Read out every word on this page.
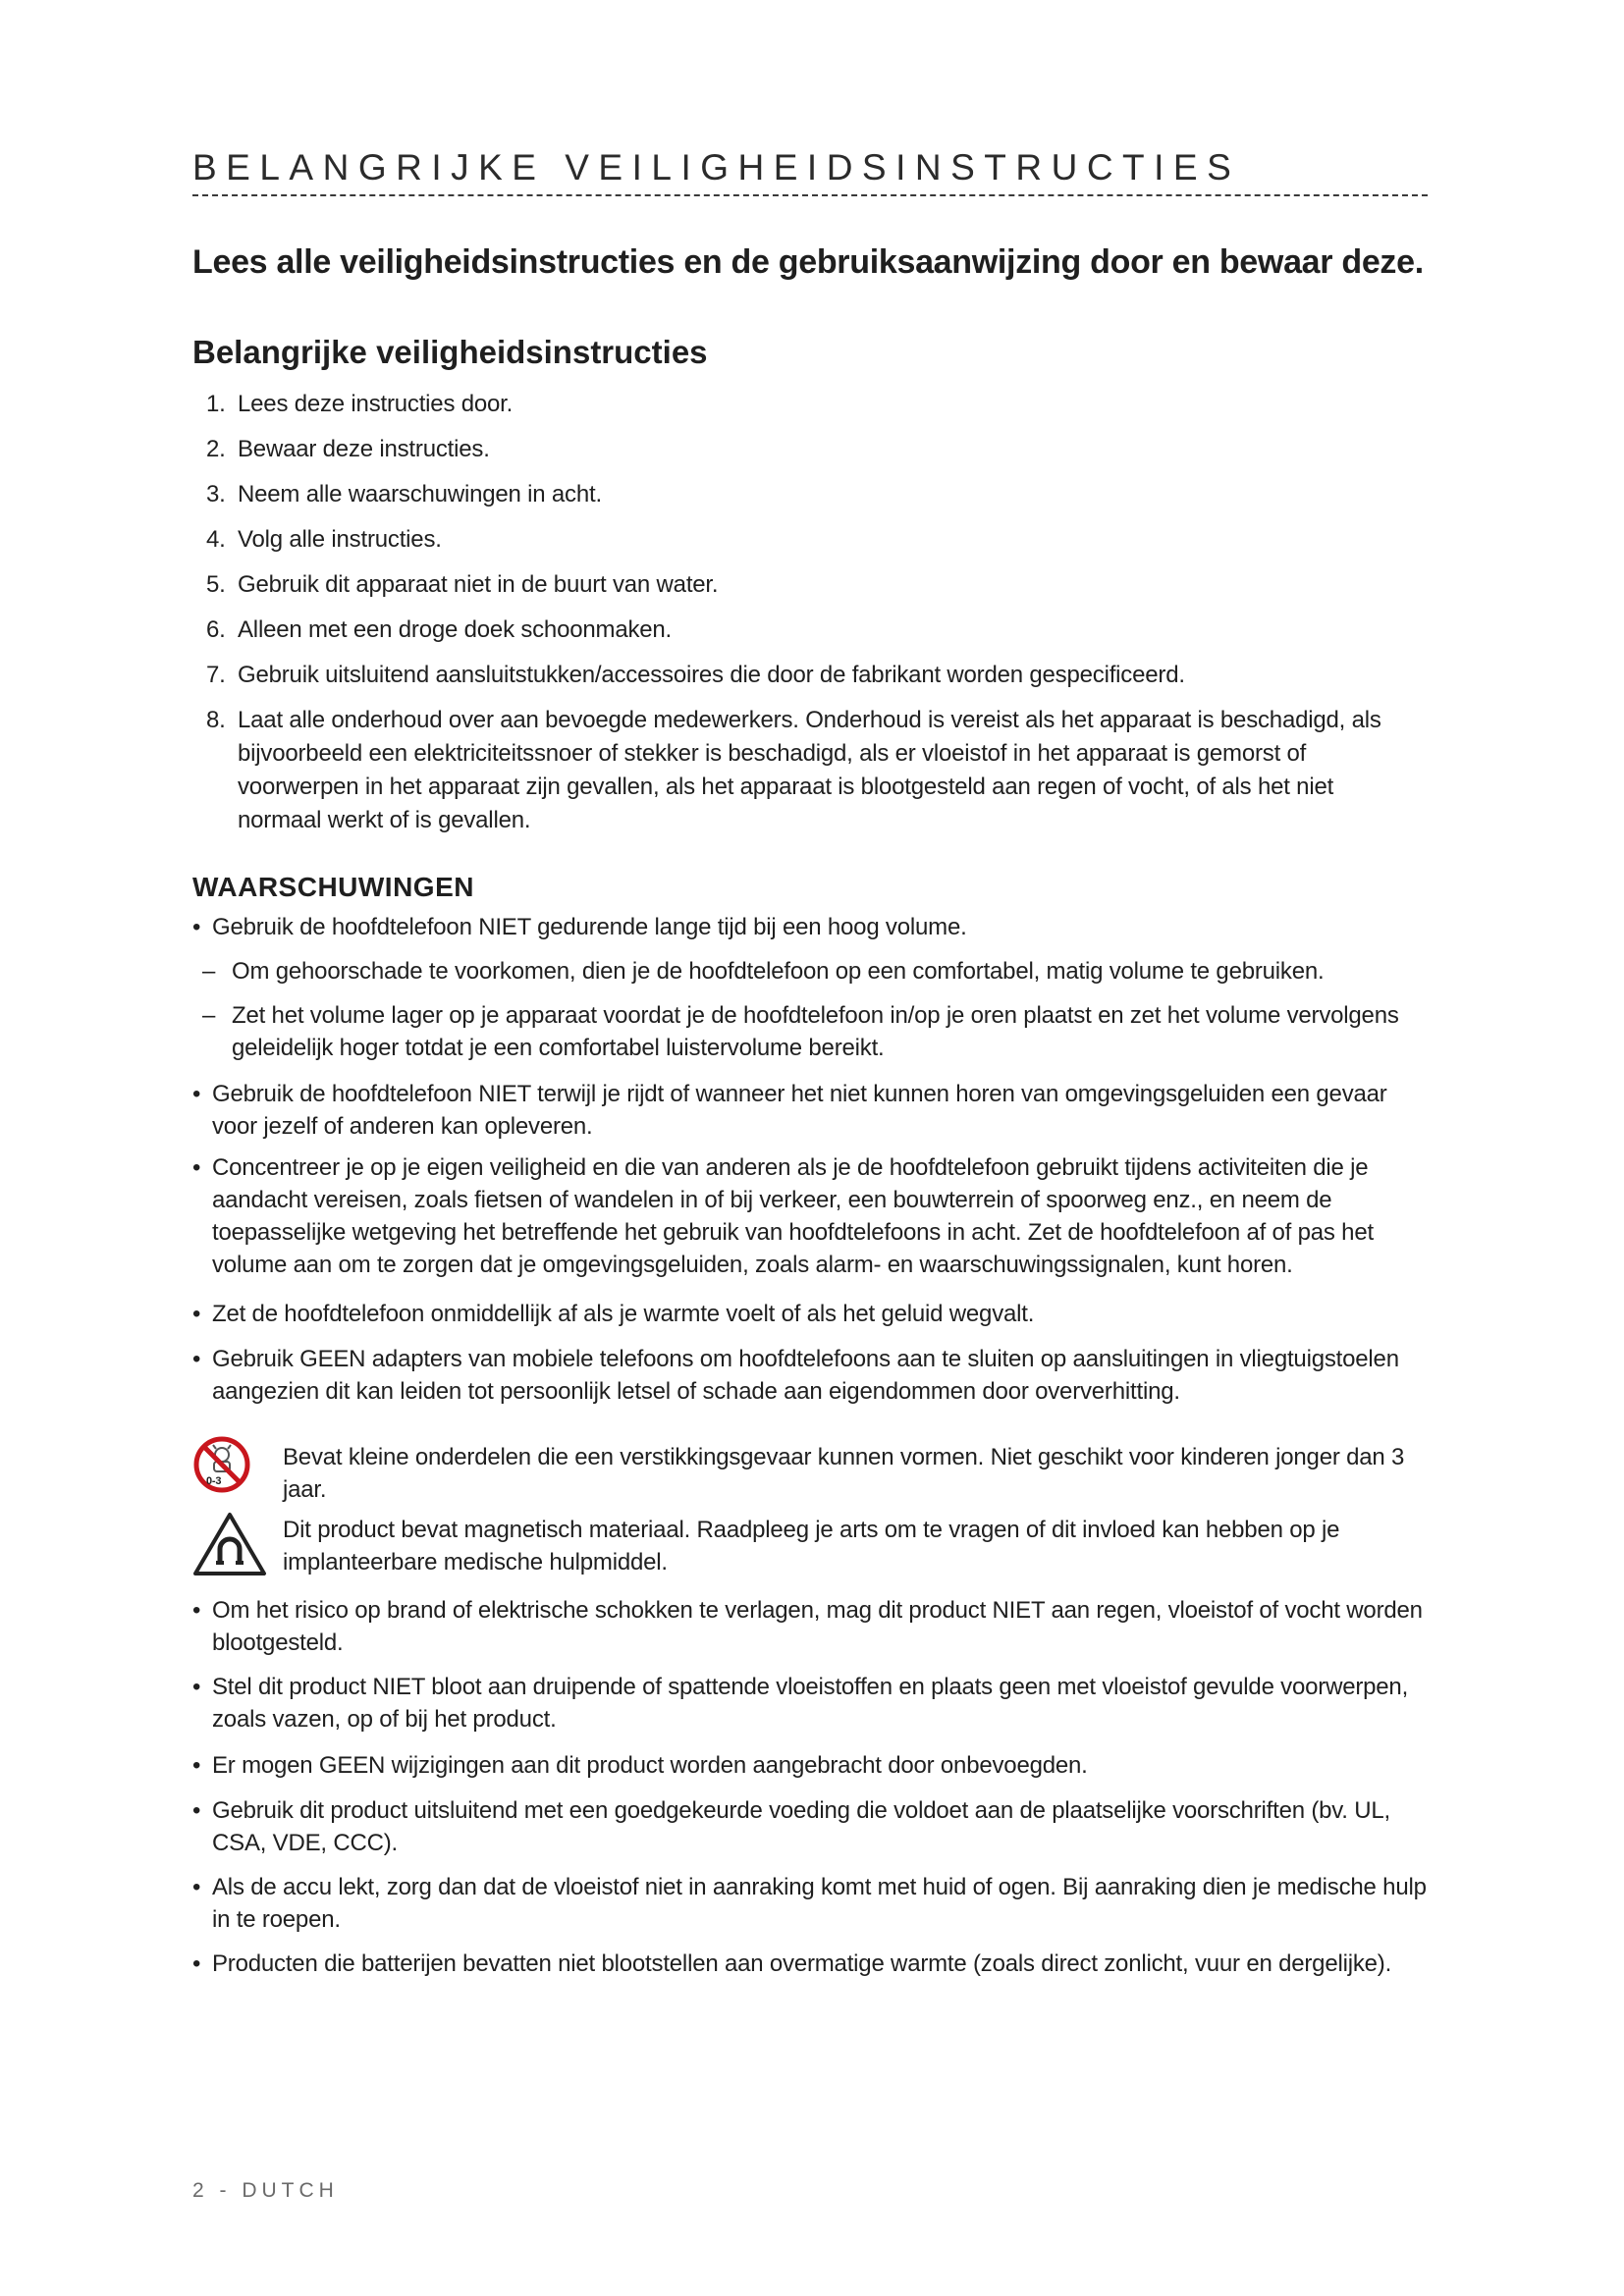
BELANGRIJKE VEILIGHEIDSINSTRUCTIES

Lees alle veiligheidsinstructies en de gebruiksaanwijzing door en bewaar deze.

Belangrijke veiligheidsinstructies
1. Lees deze instructies door.
2. Bewaar deze instructies.
3. Neem alle waarschuwingen in acht.
4. Volg alle instructies.
5. Gebruik dit apparaat niet in de buurt van water.
6. Alleen met een droge doek schoonmaken.
7. Gebruik uitsluitend aansluitstukken/accessoires die door de fabrikant worden gespecificeerd.
8. Laat alle onderhoud over aan bevoegde medewerkers. Onderhoud is vereist als het apparaat is beschadigd, als bijvoorbeeld een elektriciteitssnoer of stekker is beschadigd, als er vloeistof in het apparaat is gemorst of voorwerpen in het apparaat zijn gevallen, als het apparaat is blootgesteld aan regen of vocht, of als het niet normaal werkt of is gevallen.
WAARSCHUWINGEN
• Gebruik de hoofdtelefoon NIET gedurende lange tijd bij een hoog volume.
– Om gehoorschade te voorkomen, dien je de hoofdtelefoon op een comfortabel, matig volume te gebruiken.
– Zet het volume lager op je apparaat voordat je de hoofdtelefoon in/op je oren plaatst en zet het volume vervolgens geleidelijk hoger totdat je een comfortabel luistervolume bereikt.
• Gebruik de hoofdtelefoon NIET terwijl je rijdt of wanneer het niet kunnen horen van omgevingsgeluiden een gevaar voor jezelf of anderen kan opleveren.
• Concentreer je op je eigen veiligheid en die van anderen als je de hoofdtelefoon gebruikt tijdens activiteiten die je aandacht vereisen, zoals fietsen of wandelen in of bij verkeer, een bouwterrein of spoorweg enz., en neem de toepasselijke wetgeving het betreffende het gebruik van hoofdtelefoons in acht. Zet de hoofdtelefoon af of pas het volume aan om te zorgen dat je omgevingsgeluiden, zoals alarm- en waarschuwingssignalen, kunt horen.
• Zet de hoofdtelefoon onmiddellijk af als je warmte voelt of als het geluid wegvalt.
• Gebruik GEEN adapters van mobiele telefoons om hoofdtelefoons aan te sluiten op aansluitingen in vliegtuigstoelen aangezien dit kan leiden tot persoonlijk letsel of schade aan eigendommen door oververhitting.
0-3
Bevat kleine onderdelen die een verstikkingsgevaar kunnen vormen. Niet geschikt voor kinderen jonger dan 3 jaar.
Dit product bevat magnetisch materiaal. Raadpleeg je arts om te vragen of dit invloed kan hebben op je implanteerbare medische hulpmiddel.
• Om het risico op brand of elektrische schokken te verlagen, mag dit product NIET aan regen, vloeistof of vocht worden blootgesteld.
• Stel dit product NIET bloot aan druipende of spattende vloeistoffen en plaats geen met vloeistof gevulde voorwerpen, zoals vazen, op of bij het product.
• Er mogen GEEN wijzigingen aan dit product worden aangebracht door onbevoegden.
• Gebruik dit product uitsluitend met een goedgekeurde voeding die voldoet aan de plaatselijke voorschriften (bv. UL, CSA, VDE, CCC).
• Als de accu lekt, zorg dan dat de vloeistof niet in aanraking komt met huid of ogen. Bij aanraking dien je medische hulp in te roepen.
• Producten die batterijen bevatten niet blootstellen aan overmatige warmte (zoals direct zonlicht, vuur en dergelijke).
2 - DUTCH
